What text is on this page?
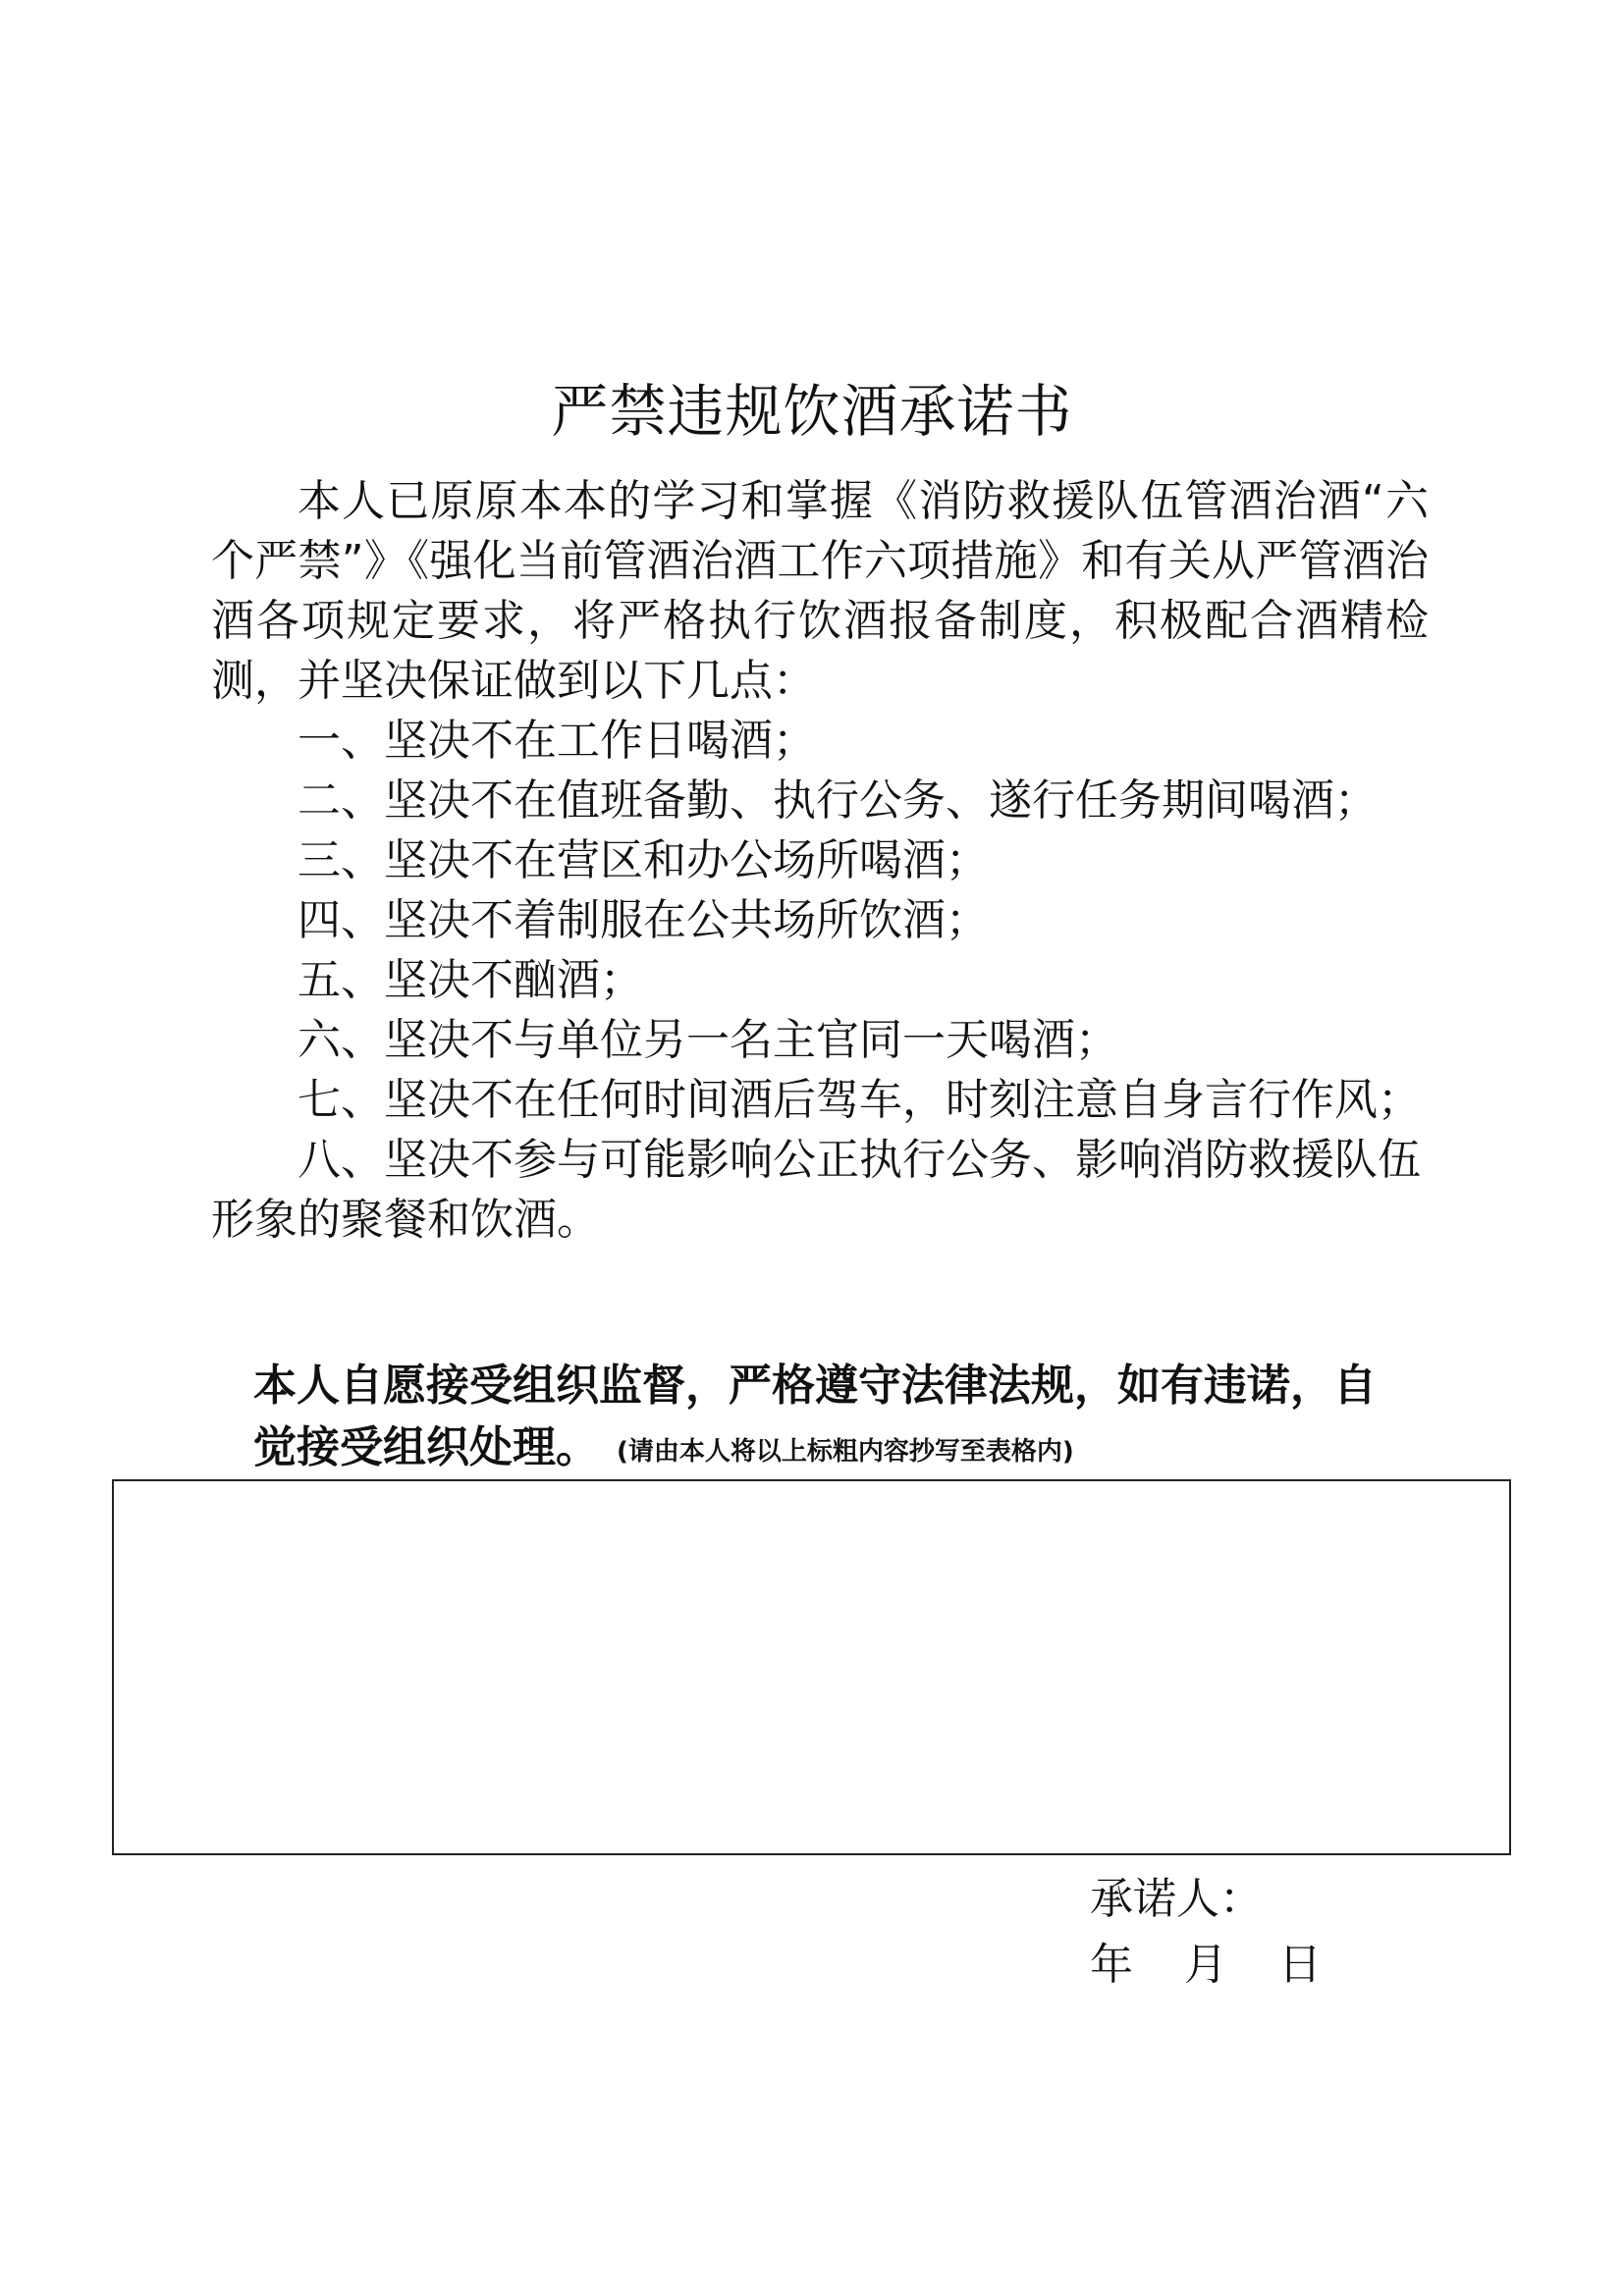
严禁违规饮酒承诺书

本人已原原本本的学习和掌握《消防救援队伍管酒治酒“六个严禁”》《强化当前管酒治酒工作六项措施》和有关从严管酒治酒各项规定要求，将严格执行饮酒报备制度，积极配合酒精检测，并坚决保证做到以下几点：

一、坚决不在工作日喝酒；

二、坚决不在值班备勤、执行公务、遂行任务期间喝酒；

三、坚决不在营区和办公场所喝酒；

四、坚决不着制服在公共场所饮酒；

五、坚决不酗酒；

六、坚决不与单位另一名主官同一天喝酒；

七、坚决不在任何时间酒后驾车，时刻注意自身言行作风；

八、坚决不参与可能影响公正执行公务、影响消防救援队伍形象的聚餐和饮酒。

本人自愿接受组织监督，严格遵守法律法规，如有违诺，自觉接受组织处理。 (请由本人将以上标粗内容抄写至表格内)
承诺人：
年 月 日
